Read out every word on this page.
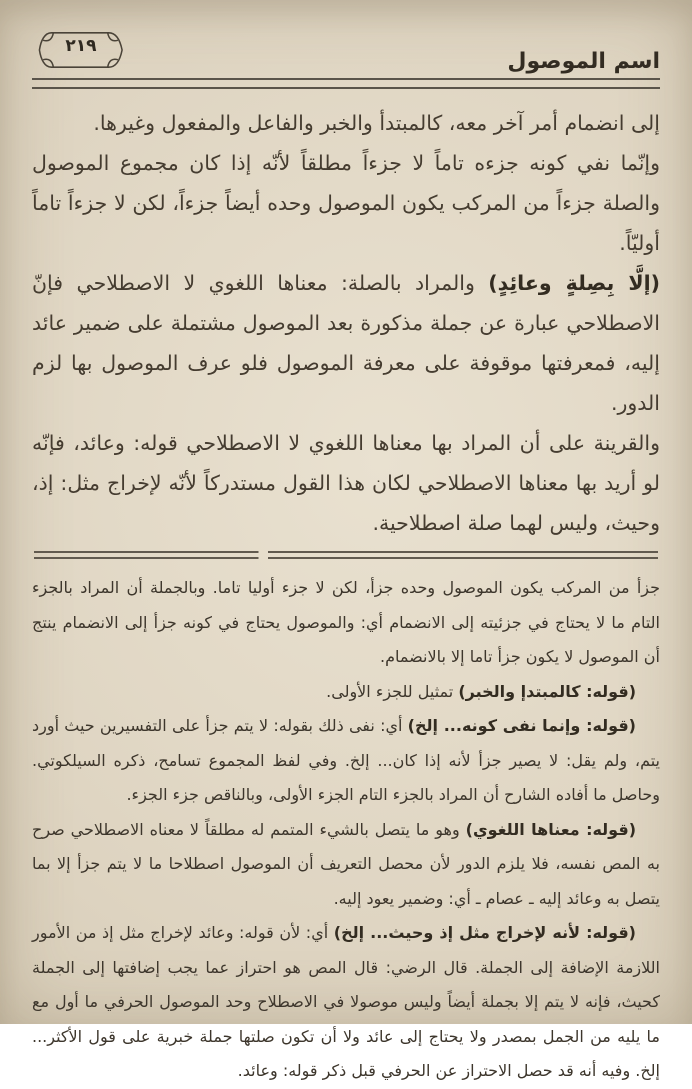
اسم الموصول
٢١٩

إلى انضمام أمر آخر معه، كالمبتدأ والخبر والفاعل والمفعول وغيرها.

وإنّما نفي كونه جزءه تاماً لا جزءاً مطلقاً لأنّه إذا كان مجموع الموصول والصلة جزءاً من المركب يكون الموصول وحده أيضاً جزءاً، لكن لا جزءاً تاماً أوليّاً.

(إلَّا بِصِلةٍ وعائِدٍ) والمراد بالصلة: معناها اللغوي لا الاصطلاحي فإنّ الاصطلاحي عبارة عن جملة مذكورة بعد الموصول مشتملة على ضمير عائد إليه، فمعرفتها موقوفة على معرفة الموصول فلو عرف الموصول بها لزم الدور.

والقرينة على أن المراد بها معناها اللغوي لا الاصطلاحي قوله: وعائد، فإنّه لو أريد بها معناها الاصطلاحي لكان هذا القول مستدركاً لأنّه لإخراج مثل: إذ، وحيث، وليس لهما صلة اصطلاحية.

جزأ من المركب يكون الموصول وحده جزأ، لكن لا جزء أوليا تاما. وبالجملة أن المراد بالجزء التام ما لا يحتاج في جزئيته إلى الانضمام أي: والموصول يحتاج في كونه جزأ إلى الانضمام ينتج أن الموصول لا يكون جزأ تاما إلا بالانضمام.

(قوله: كالمبتدإ والخبر) تمثيل للجزء الأولى.

(قوله: وإنما نفى كونه... إلخ) أي: نفى ذلك بقوله: لا يتم جزأ على التفسيرين حيث أورد يتم، ولم يقل: لا يصير جزأ لأنه إذا كان... إلخ. وفي لفظ المجموع تسامح، ذكره السيلكوتي. وحاصل ما أفاده الشارح أن المراد بالجزء التام الجزء الأولى، وبالناقص جزء الجزء.

(قوله: معناها اللغوي) وهو ما يتصل بالشيء المتمم له مطلقاً لا معناه الاصطلاحي صرح به المص نفسه، فلا يلزم الدور لأن محصل التعريف أن الموصول اصطلاحا ما لا يتم جزأ إلا بما يتصل به وعائد إليه ـ عصام ـ أي: وضمير يعود إليه.

(قوله: لأنه لإخراج مثل إذ وحيث... إلخ) أي: لأن قوله: وعائد لإخراج مثل إذ من الأمور اللازمة الإضافة إلى الجملة. قال الرضي: قال المص هو احتراز عما يجب إضافتها إلى الجملة كحيث، فإنه لا يتم إلا بجملة أيضاً وليس موصولا في الاصطلاح وحد الموصول الحرفي ما أول مع ما يليه من الجمل بمصدر ولا يحتاج إلى عائد ولا أن تكون صلتها جملة خبرية على قول الأكثر... إلخ. وفيه أنه قد حصل الاحتراز عن الحرفي قبل ذكر قوله: وعائد.
